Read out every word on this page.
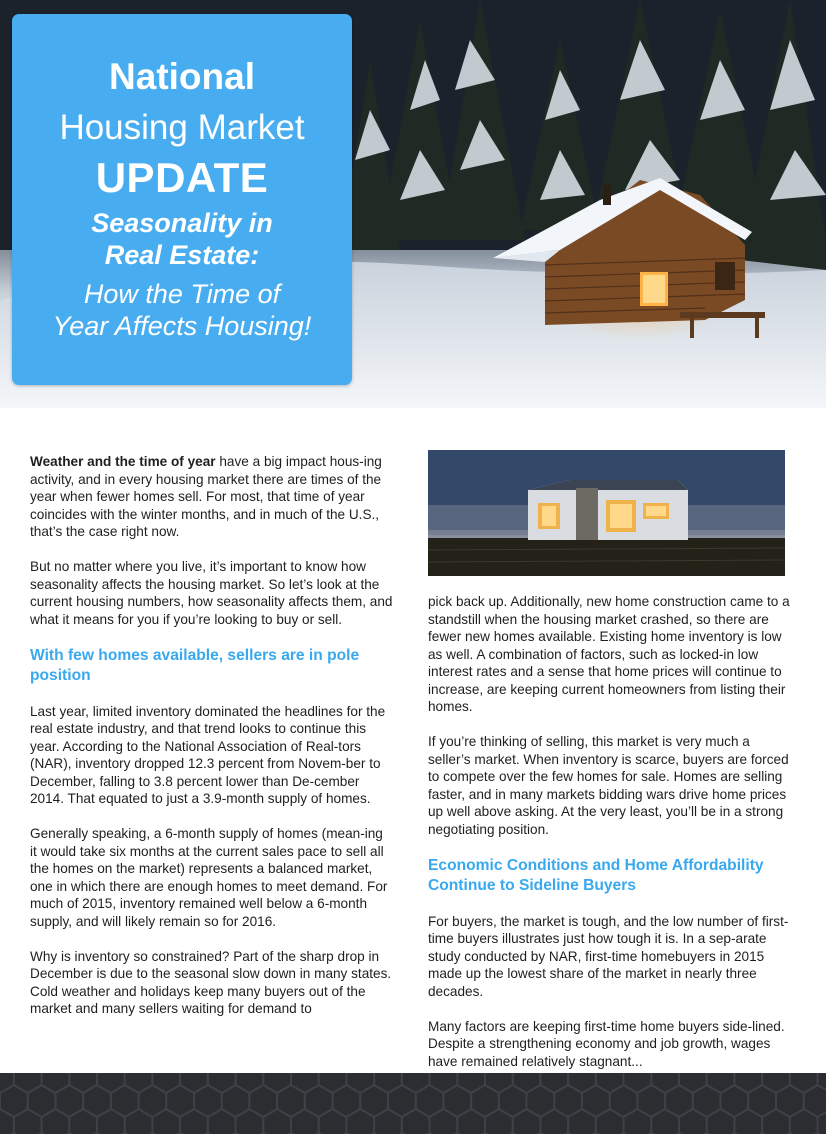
National
Housing Market
UPDATE
Seasonality in
Real Estate:
How the Time of
Year Affects Housing!

Weather and the time of year have a big impact hous-ing activity, and in every housing market there are times of the year when fewer homes sell. For most, that time of year coincides with the winter months, and in much of the U.S., that’s the case right now.

But no matter where you live, it’s important to know how seasonality affects the housing market. So let’s look at the current housing numbers, how seasonality affects them, and what it means for you if you’re looking to buy or sell.

With few homes available, sellers are in pole position

Last year, limited inventory dominated the headlines for the real estate industry, and that trend looks to continue this year. According to the National Association of Real-tors (NAR), inventory dropped 12.3 percent from Novem-ber to December, falling to 3.8 percent lower than De-cember 2014. That equated to just a 3.9-month supply of homes.

Generally speaking, a 6-month supply of homes (mean-ing it would take six months at the current sales pace to sell all the homes on the market) represents a balanced market, one in which there are enough homes to meet demand. For much of 2015, inventory remained well below a 6-month supply, and will likely remain so for 2016.

Why is inventory so constrained? Part of the sharp drop in December is due to the seasonal slow down in many states. Cold weather and holidays keep many buyers out of the market and many sellers waiting for demand to

pick back up. Additionally, new home construction came to a standstill when the housing market crashed, so there are fewer new homes available. Existing home inventory is low as well. A combination of factors, such as locked-in low interest rates and a sense that home prices will continue to increase, are keeping current homeowners from listing their homes.

If you’re thinking of selling, this market is very much a seller’s market. When inventory is scarce, buyers are forced to compete over the few homes for sale. Homes are selling faster, and in many markets bidding wars drive home prices up well above asking. At the very least, you’ll be in a strong negotiating position.

Economic Conditions and Home Affordability Continue to Sideline Buyers

For buyers, the market is tough, and the low number of first-time buyers illustrates just how tough it is. In a sep-arate study conducted by NAR, first-time homebuyers in 2015 made up the lowest share of the market in nearly three decades.

Many factors are keeping first-time home buyers side-lined. Despite a strengthening economy and job growth, wages have remained relatively stagnant...
